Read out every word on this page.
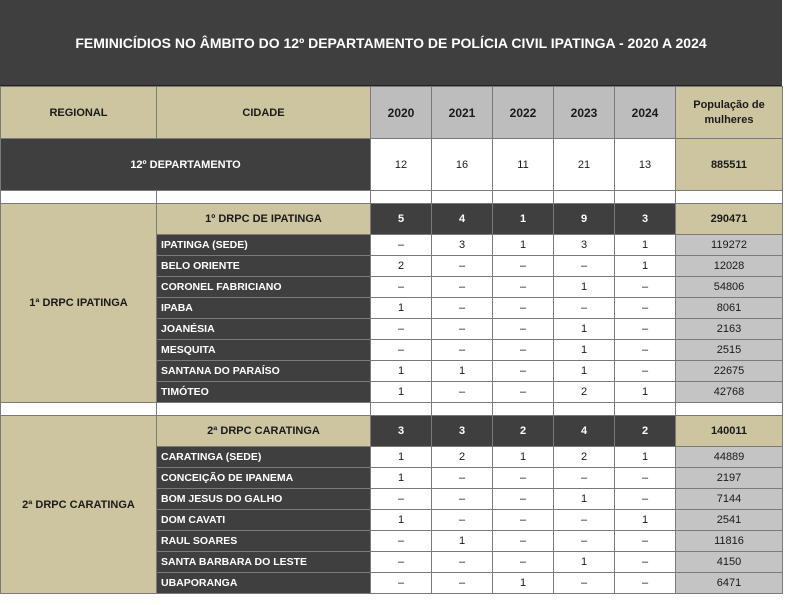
FEMINICÍDIOS NO ÂMBITO DO 12º DEPARTAMENTO DE POLÍCIA CIVIL IPATINGA - 2020 A 2024
REGIONAL	CIDADE	2020	2021	2022	2023	2024	População de mulheres
12º DEPARTAMENTO		12	16	11	21	13	885511

1ª DRPC IPATINGA	1º DRPC DE IPATINGA	5	4	1	9	3	290471
	IPATINGA (SEDE)	–	3	1	3	1	119272
	BELO ORIENTE	2	–	–	–	1	12028
	CORONEL FABRICIANO	–	–	–	1	–	54806
	IPABA	1	–	–	–	–	8061
	JOANÉSIA	–	–	–	1	–	2163
	MESQUITA	–	–	–	1	–	2515
	SANTANA DO PARAÍSO	1	1	–	1	–	22675
	TIMÓTEO	1	–	–	2	1	42768

2ª DRPC CARATINGA	2ª DRPC CARATINGA	3	3	2	4	2	140011
	CARATINGA (SEDE)	1	2	1	2	1	44889
	CONCEIÇÃO DE IPANEMA	1	–	–	–	–	2197
	BOM JESUS DO GALHO	–	–	–	1	–	7144
	DOM CAVATI	1	–	–	–	1	2541
	RAUL SOARES	–	1	–	–	–	11816
	SANTA BARBARA DO LESTE	–	–	–	1	–	4150
	UBAPORANGA	–	–	1	–	–	6471
